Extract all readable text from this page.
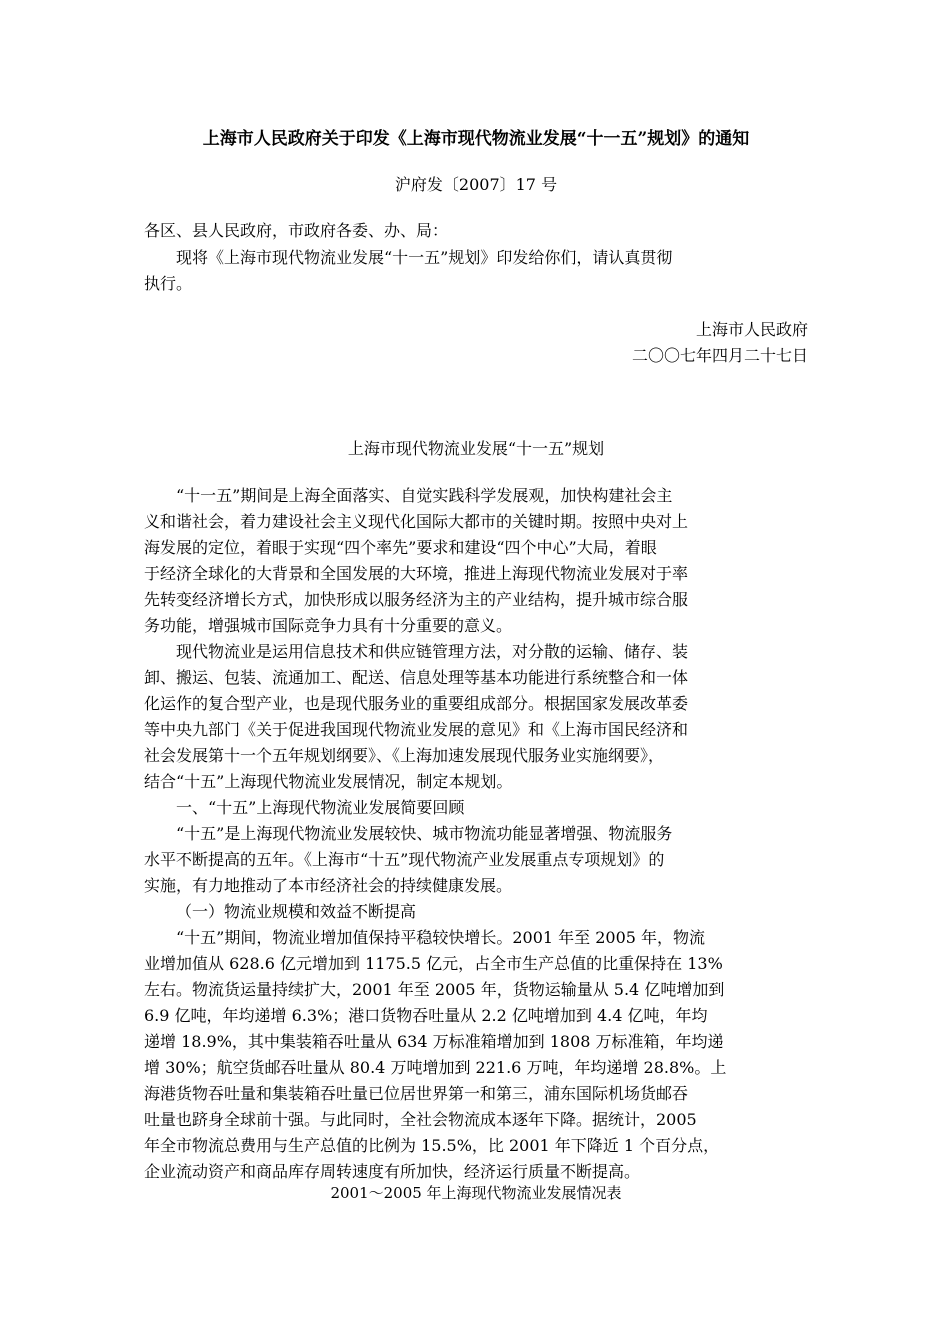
上海市人民政府关于印发《上海市现代物流业发展“十一五”规划》的通知
沪府发〔2007〕17 号
各区、县人民政府，市政府各委、办、局：
现将《上海市现代物流业发展“十一五”规划》印发给你们，请认真贯彻
执行。
上海市人民政府
二〇〇七年四月二十七日
上海市现代物流业发展“十一五”规划
“十一五”期间是上海全面落实、自觉实践科学发展观，加快构建社会主
义和谐社会，着力建设社会主义现代化国际大都市的关键时期。按照中央对上
海发展的定位，着眼于实现“四个率先”要求和建设“四个中心”大局，着眼
于经济全球化的大背景和全国发展的大环境，推进上海现代物流业发展对于率
先转变经济增长方式，加快形成以服务经济为主的产业结构，提升城市综合服
务功能，增强城市国际竞争力具有十分重要的意义。
现代物流业是运用信息技术和供应链管理方法，对分散的运输、储存、装
卸、搬运、包装、流通加工、配送、信息处理等基本功能进行系统整合和一体
化运作的复合型产业，也是现代服务业的重要组成部分。根据国家发展改革委
等中央九部门《关于促进我国现代物流业发展的意见》和《上海市国民经济和
社会发展第十一个五年规划纲要》、《上海加速发展现代服务业实施纲要》，
结合“十五”上海现代物流业发展情况，制定本规划。
一、“十五”上海现代物流业发展简要回顾
“十五”是上海现代物流业发展较快、城市物流功能显著增强、物流服务
水平不断提高的五年。《上海市“十五”现代物流产业发展重点专项规划》的
实施，有力地推动了本市经济社会的持续健康发展。
（一）物流业规模和效益不断提高
“十五”期间，物流业增加值保持平稳较快增长。2001 年至 2005 年，物流
业增加值从 628.6 亿元增加到 1175.5 亿元，占全市生产总值的比重保持在 13%
左右。物流货运量持续扩大，2001 年至 2005 年，货物运输量从 5.4 亿吨增加到
6.9 亿吨，年均递增 6.3%；港口货物吞吐量从 2.2 亿吨增加到 4.4 亿吨，年均
递增 18.9%，其中集装箱吞吐量从 634 万标准箱增加到 1808 万标准箱，年均递
增 30%；航空货邮吞吐量从 80.4 万吨增加到 221.6 万吨，年均递增 28.8%。上
海港货物吞吐量和集装箱吞吐量已位居世界第一和第三，浦东国际机场货邮吞
吐量也跻身全球前十强。与此同时，全社会物流成本逐年下降。据统计，2005
年全市物流总费用与生产总值的比例为 15.5%，比 2001 年下降近 1 个百分点，
企业流动资产和商品库存周转速度有所加快，经济运行质量不断提高。
2001～2005 年上海现代物流业发展情况表
